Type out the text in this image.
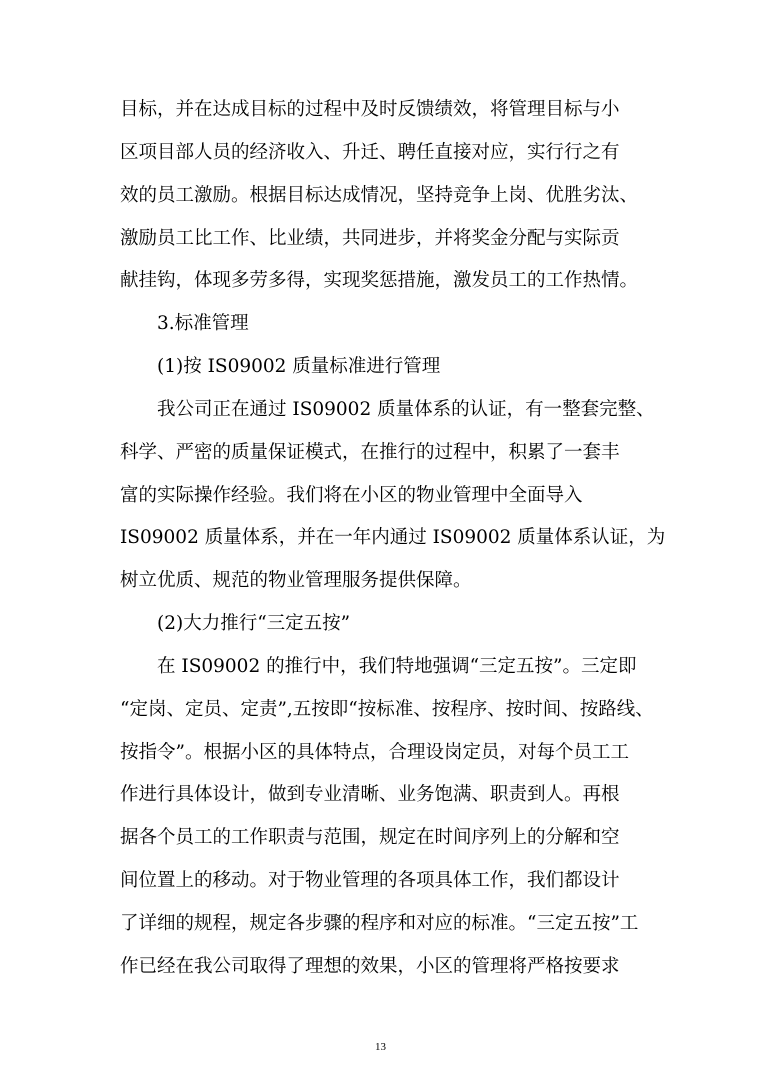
目标，并在达成目标的过程中及时反馈绩效，将管理目标与小
区项目部人员的经济收入、升迁、聘任直接对应，实行行之有
效的员工激励。根据目标达成情况，坚持竞争上岗、优胜劣汰、
激励员工比工作、比业绩，共同进步，并将奖金分配与实际贡
献挂钩，体现多劳多得，实现奖惩措施，激发员工的工作热情。
3.标准管理
(1)按 IS09002 质量标准进行管理
我公司正在通过 IS09002 质量体系的认证，有一整套完整、
科学、严密的质量保证模式，在推行的过程中，积累了一套丰
富的实际操作经验。我们将在小区的物业管理中全面导入
IS09002 质量体系，并在一年内通过 IS09002 质量体系认证，为
树立优质、规范的物业管理服务提供保障。
(2)大力推行“三定五按”
在 IS09002 的推行中，我们特地强调“三定五按”。三定即
“定岗、定员、定责”,五按即“按标准、按程序、按时间、按路线、
按指令”。根据小区的具体特点，合理设岗定员，对每个员工工
作进行具体设计，做到专业清晰、业务饱满、职责到人。再根
据各个员工的工作职责与范围，规定在时间序列上的分解和空
间位置上的移动。对于物业管理的各项具体工作，我们都设计
了详细的规程，规定各步骤的程序和对应的标准。“三定五按”工
作已经在我公司取得了理想的效果，小区的管理将严格按要求
13
